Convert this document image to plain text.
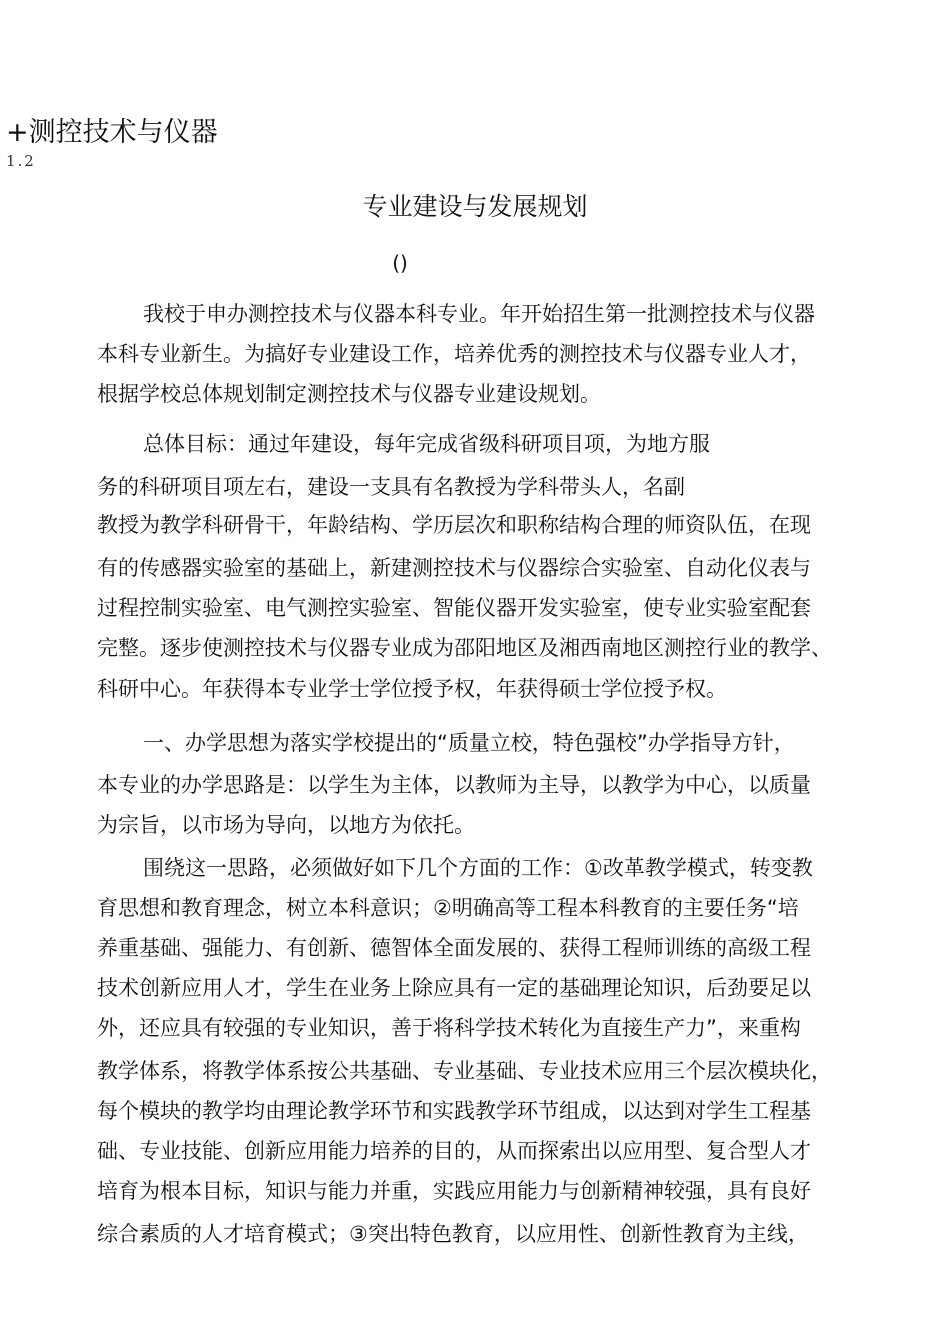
+测控技术与仪器
1.2
专业建设与发展规划
()
我校于申办测控技术与仪器本科专业。年开始招生第一批测控技术与仪器
本科专业新生。为搞好专业建设工作，培养优秀的测控技术与仪器专业人才，
根据学校总体规划制定测控技术与仪器专业建设规划。
总体目标：通过年建设，每年完成省级科研项目项，为地方服
务的科研项目项左右，建设一支具有名教授为学科带头人，名副
教授为教学科研骨干，年龄结构、学历层次和职称结构合理的师资队伍，在现
有的传感器实验室的基础上，新建测控技术与仪器综合实验室、自动化仪表与
过程控制实验室、电气测控实验室、智能仪器开发实验室，使专业实验室配套
完整。逐步使测控技术与仪器专业成为邵阳地区及湘西南地区测控行业的教学、
科研中心。年获得本专业学士学位授予权，年获得硕士学位授予权。
一、办学思想为落实学校提出的“质量立校，特色强校”办学指导方针，
本专业的办学思路是：以学生为主体，以教师为主导，以教学为中心，以质量
为宗旨，以市场为导向，以地方为依托。
围绕这一思路，必须做好如下几个方面的工作：①改革教学模式，转变教
育思想和教育理念，树立本科意识；②明确高等工程本科教育的主要任务“培
养重基础、强能力、有创新、德智体全面发展的、获得工程师训练的高级工程
技术创新应用人才，学生在业务上除应具有一定的基础理论知识，后劲要足以
外，还应具有较强的专业知识，善于将科学技术转化为直接生产力”，来重构
教学体系，将教学体系按公共基础、专业基础、专业技术应用三个层次模块化，
每个模块的教学均由理论教学环节和实践教学环节组成，以达到对学生工程基
础、专业技能、创新应用能力培养的目的，从而探索出以应用型、复合型人才
培育为根本目标，知识与能力并重，实践应用能力与创新精神较强，具有良好
综合素质的人才培育模式；③突出特色教育，以应用性、创新性教育为主线，
